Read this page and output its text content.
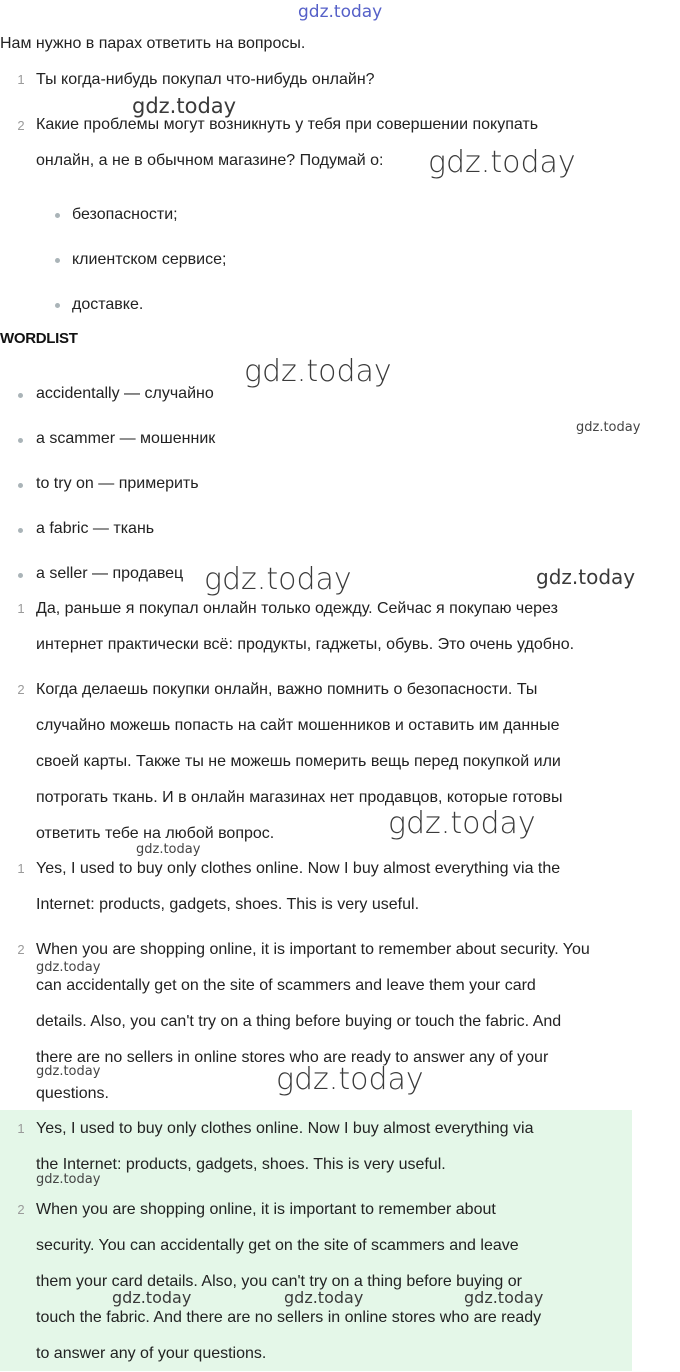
gdz.today
Нам нужно в парах ответить на вопросы.
1 Ты когда-нибудь покупал что-нибудь онлайн?
2 Какие проблемы могут возникнуть у тебя при совершении покупать
онлайн, а не в обычном магазине? Подумай о:
безопасности;
клиентском сервисе;
доставке.
WORDLIST
accidentally — случайно
a scammer — мошенник
to try on — примерить
a fabric — ткань
a seller — продавец
1 Да, раньше я покупал онлайн только одежду. Сейчас я покупаю через
интернет практически всё: продукты, гаджеты, обувь. Это очень удобно.
2 Когда делаешь покупки онлайн, важно помнить о безопасности. Ты
случайно можешь попасть на сайт мошенников и оставить им данные
своей карты. Также ты не можешь померить вещь перед покупкой или
потрогать ткань. И в онлайн магазинах нет продавцов, которые готовы
ответить тебе на любой вопрос.
1 Yes, I used to buy only clothes online. Now I buy almost everything via the
Internet: products, gadgets, shoes. This is very useful.
2 When you are shopping online, it is important to remember about security. You
can accidentally get on the site of scammers and leave them your card
details. Also, you can't try on a thing before buying or touch the fabric. And
there are no sellers in online stores who are ready to answer any of your
questions.
1 Yes, I used to buy only clothes online. Now I buy almost everything via
the Internet: products, gadgets, shoes. This is very useful.
2 When you are shopping online, it is important to remember about
security. You can accidentally get on the site of scammers and leave
them your card details. Also, you can't try on a thing before buying or
touch the fabric. And there are no sellers in online stores who are ready
to answer any of your questions.
gdz.today
gdz.today
gdz.today
gdz.today
gdz.today	gdz.today
gdz.today
gdz.today
gdz.today
gdz.today	gdz.today
gdz.today
gdz.today	gdz.today	gdz.today
